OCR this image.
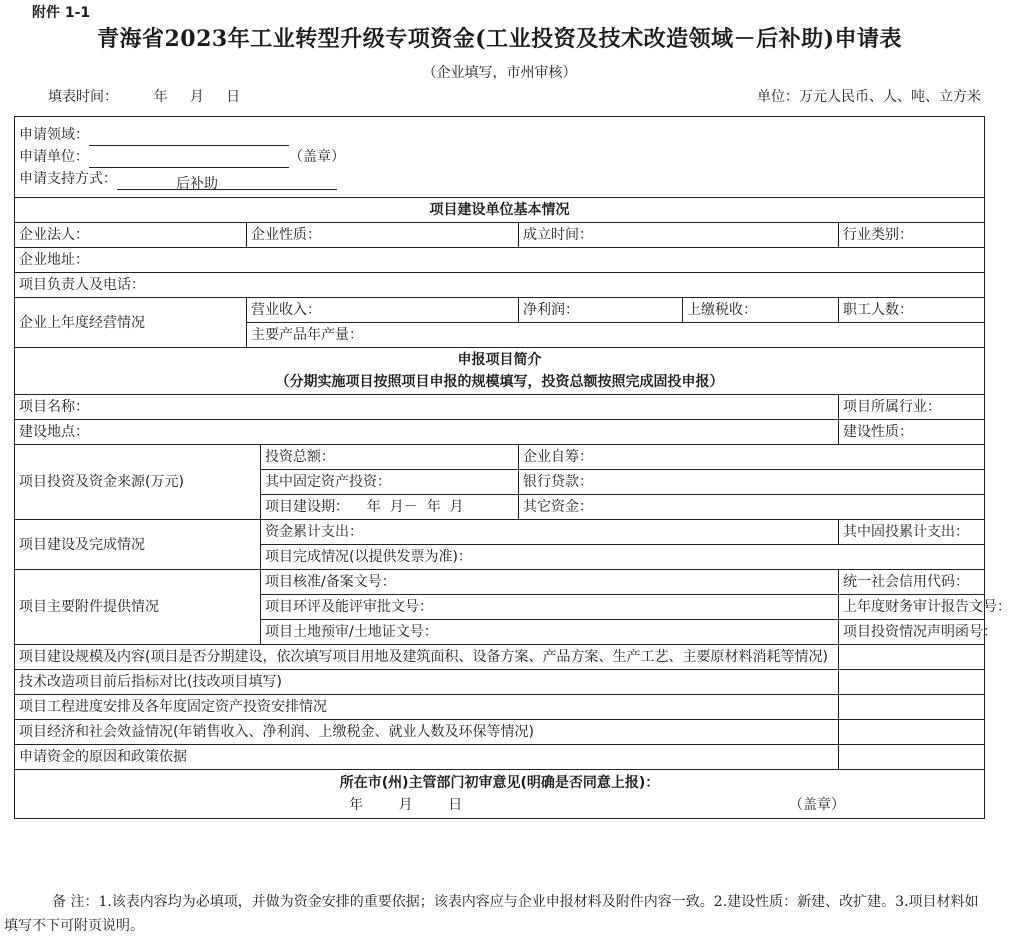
附件 1-1
青海省2023年工业转型升级专项资金(工业投资及技术改造领域－后补助)申请表
（企业填写，市州审核）
填表时间：        年     月     日	单位：万元人民币、人、吨、立方米
申请领域：
申请单位： （盖章）
申请支持方式： 后补助					

项目建设单位基本情况					
企业法人：	企业性质：		成立时间：		行业类别：
企业地址：					
项目负责人及电话：					
企业上年度经营情况	营业收入：		净利润：	上缴税收：	职工人数：
	主要产品年产量：				

申报项目简介
（分期实施项目按照项目申报的规模填写，投资总额按照完成固投申报）					

项目名称：					项目所属行业：
建设地点：					建设性质：
项目投资及资金来源(万元)		投资总额：	企业自筹：		
		其中固定资产投资：	银行贷款：		
		项目建设期：    年  月－  年  月	其它资金：		
项目建设及完成情况		资金累计支出：			其中固投累计支出：
		项目完成情况(以提供发票为准)：			
项目主要附件提供情况		项目核准/备案文号：			统一社会信用代码：
		项目环评及能评审批文号：			上年度财务审计报告文号：
		项目土地预审/土地证文号：			项目投资情况声明函号：
项目建设规模及内容(项目是否分期建设，依次填写项目用地及建筑面积、设备方案、产品方案、生产工艺、主要原材料消耗等情况)					
技术改造项目前后指标对比(技改项目填写)					
项目工程进度安排及各年度固定资产投资安排情况					
项目经济和社会效益情况(年销售收入、净利润、上缴税金、就业人数及环保等情况)					
申请资金的原因和政策依据					

所在市(州)主管部门初审意见(明确是否同意上报)：
年        月        日 （盖章）					
备 注：1.该表内容均为必填项，并做为资金安排的重要依据；该表内容应与企业申报材料及附件内容一致。2.建设性质：新建、改扩建。3.项目材料如填写不下可附页说明。
